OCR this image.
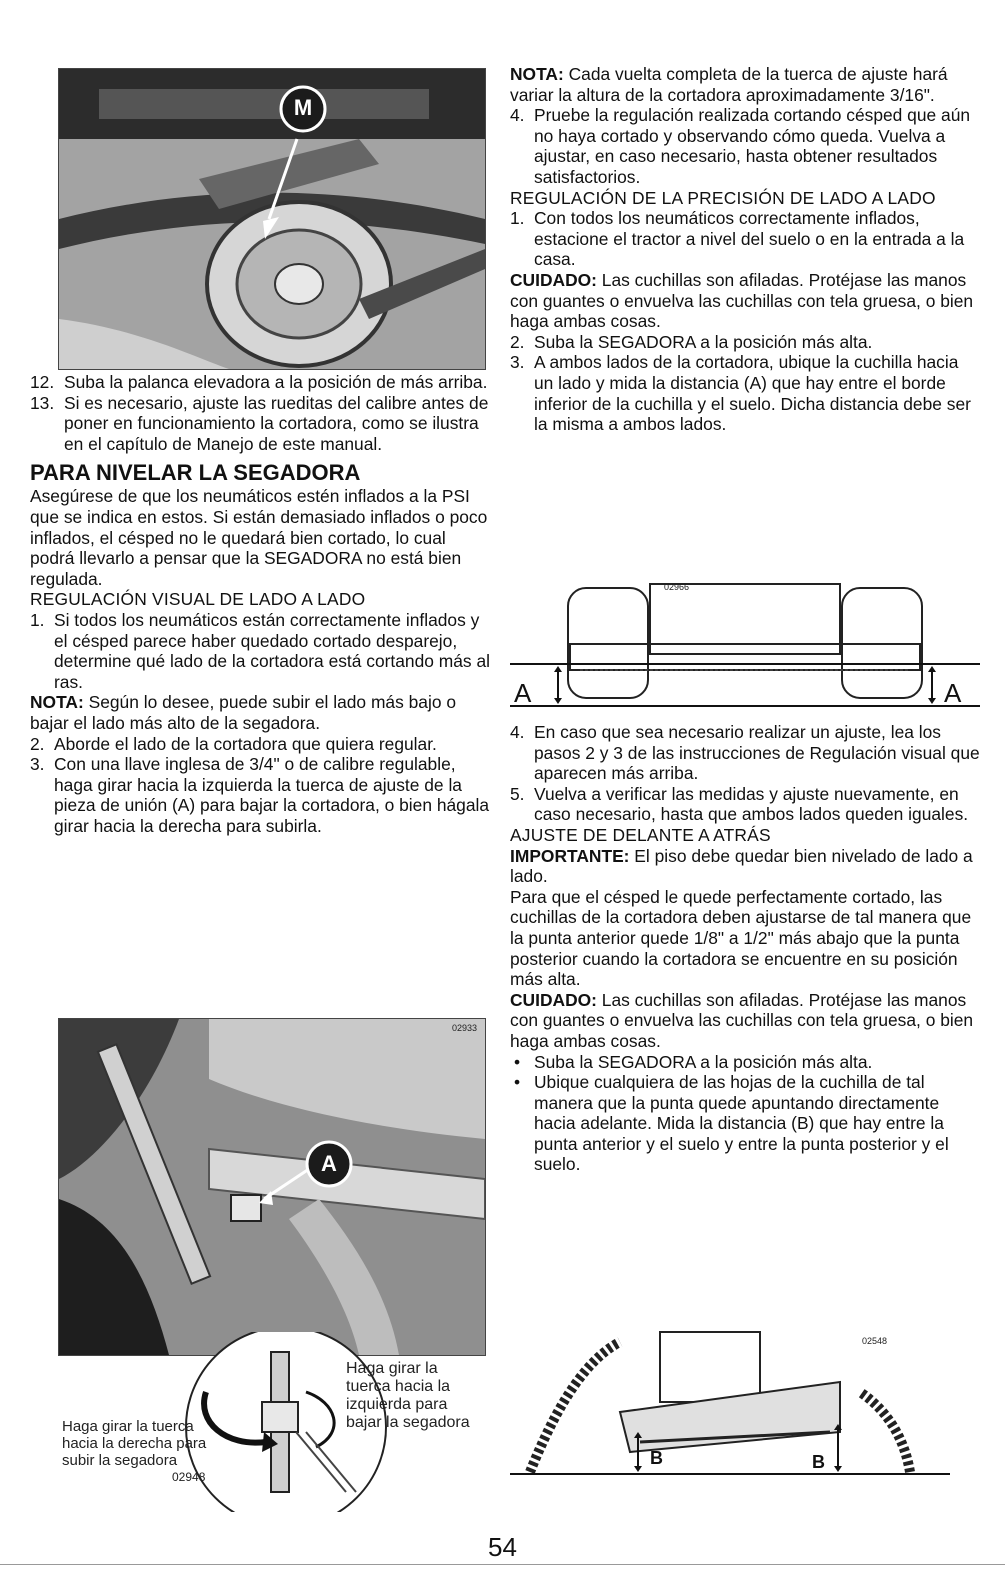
M
12. Suba la palanca elevadora a la posición de más arriba.
13. Si es necesario, ajuste las rueditas del calibre antes de poner en funcionamiento la cortadora, como se ilustra en el capítulo de Manejo de este manual.
PARA NIVELAR LA SEGADORA

Asegúrese de que los neumáticos estén inflados a la PSI que se indica en estos. Si están demasiado inflados o poco inflados, el césped no le quedará bien cortado, lo cual podrá llevarlo a pensar que la SEGADORA no está bien regulada.

REGULACIÓN VISUAL DE LADO A LADO

1. Si todos los neumáticos están correctamente inflados y el césped parece haber quedado cortado desparejo, determine qué lado de la cortadora está cortando más al ras.

NOTA: Según lo desee, puede subir el lado más bajo o bajar el lado más alto de la segadora.

2. Aborde el lado de la cortadora que quiera regular.
3. Con una llave inglesa de 3/4" o de calibre regulable, haga girar hacia la izquierda la tuerca de ajuste de la pieza de unión (A) para bajar la cortadora, o bien hágala girar hacia la derecha para subirla.
02933
A
Haga girar la
tuerca hacia la
izquierda para
bajar la segadora
Haga girar la tuerca
hacia la derecha para
subir la segadora
02948

NOTA: Cada vuelta completa de la tuerca de ajuste hará variar la altura de la cortadora aproximadamente 3/16".

4. Pruebe la regulación realizada cortando césped que aún no haya cortado y observando cómo queda. Vuelva a ajustar, en caso necesario, hasta obtener resultados satisfactorios.

REGULACIÓN DE LA PRECISIÓN DE LADO A LADO

1. Con todos los neumáticos correctamente inflados, estacione el tractor a nivel del suelo o en la entrada a la casa.

CUIDADO: Las cuchillas son afiladas. Protéjase las manos con guantes o envuelva las cuchillas con tela gruesa, o bien haga ambas cosas.

2. Suba la SEGADORA a la posición más alta.
3. A ambos lados de la cortadora, ubique la cuchilla hacia un lado y mida la distancia (A) que hay entre el borde inferior de la cuchilla y el suelo. Dicha distancia debe ser la misma a ambos lados.
02966
A	A
4. En caso que sea necesario realizar un ajuste, lea los pasos 2 y 3 de las instrucciones de Regulación visual que aparecen más arriba.
5. Vuelva a verificar las medidas y ajuste nuevamente, en caso necesario, hasta que ambos lados queden iguales.

AJUSTE DE DELANTE A ATRÁS

IMPORTANTE: El piso debe quedar bien nivelado de lado a lado.

Para que el césped le quede perfectamente cortado, las cuchillas de la cortadora deben ajustarse de tal manera que la punta anterior quede 1/8" a 1/2" más abajo que la punta posterior cuando la cortadora se encuentre en su posición más alta.

CUIDADO: Las cuchillas son afiladas. Protéjase las manos con guantes o envuelva las cuchillas con tela gruesa, o bien haga ambas cosas.

• Suba la SEGADORA a la posición más alta.
• Ubique cualquiera de las hojas de la cuchilla de tal manera que la punta quede apuntando directamente hacia adelante. Mida la distancia (B) que hay entre la punta anterior y el suelo y entre la punta posterior y el suelo.
02548
B	B
54
